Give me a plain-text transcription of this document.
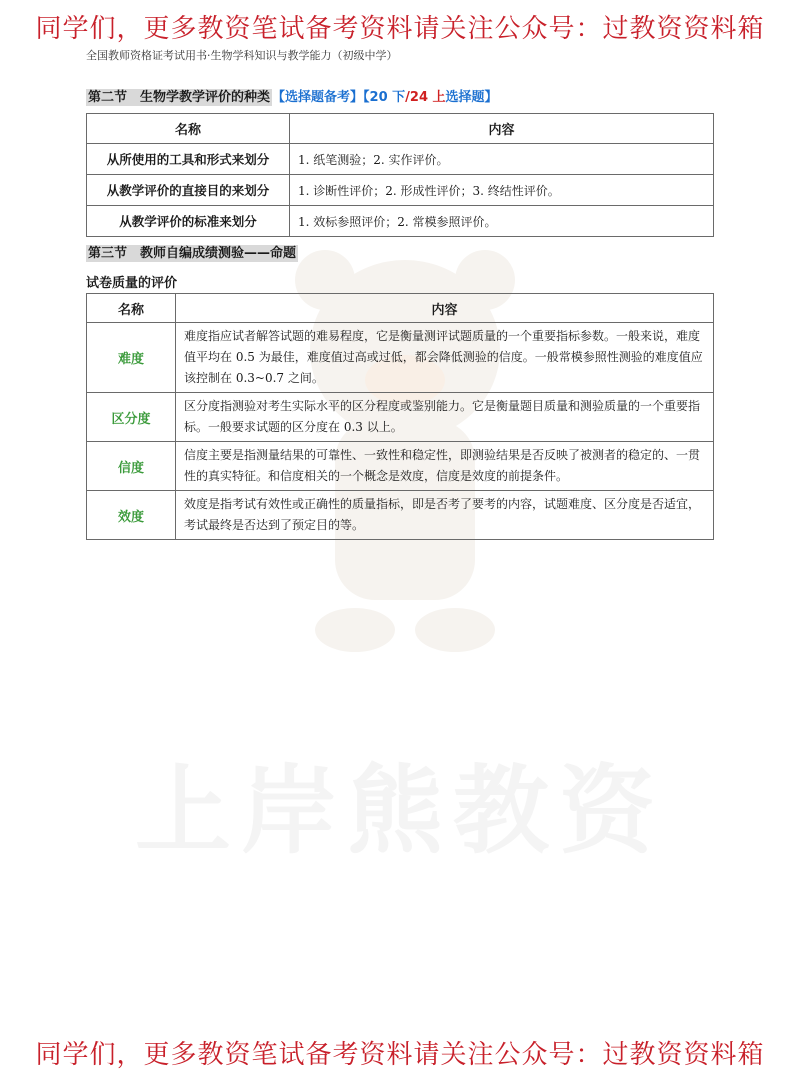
上岸熊教资
同学们，更多教资笔试备考资料请关注公众号：过教资资料箱
全国教师资格证考试用书·生物学科知识与教学能力（初级中学）
第二节　生物学教学评价的种类 【选择题备考】【20 下/24 上选择题】
名称	内容
从所使用的工具和形式来划分	1. 纸笔测验；2. 实作评价。
从教学评价的直接目的来划分	1. 诊断性评价；2. 形成性评价；3. 终结性评价。
从教学评价的标准来划分	1. 效标参照评价；2. 常模参照评价。
第三节　教师自编成绩测验——命题
试卷质量的评价
名称	内容
难度	难度指应试者解答试题的难易程度，它是衡量测评试题质量的一个重要指标参数。一般来说，难度值平均在 0.5 为最佳，难度值过高或过低，都会降低测验的信度。一般常模参照性测验的难度值应该控制在 0.3~0.7 之间。
区分度	区分度指测验对考生实际水平的区分程度或鉴别能力。它是衡量题目质量和测验质量的一个重要指标。一般要求试题的区分度在 0.3 以上。
信度	信度主要是指测量结果的可靠性、一致性和稳定性，即测验结果是否反映了被测者的稳定的、一贯性的真实特征。和信度相关的一个概念是效度，信度是效度的前提条件。
效度	效度是指考试有效性或正确性的质量指标，即是否考了要考的内容，试题难度、区分度是否适宜，考试最终是否达到了预定目的等。
同学们，更多教资笔试备考资料请关注公众号：过教资资料箱
